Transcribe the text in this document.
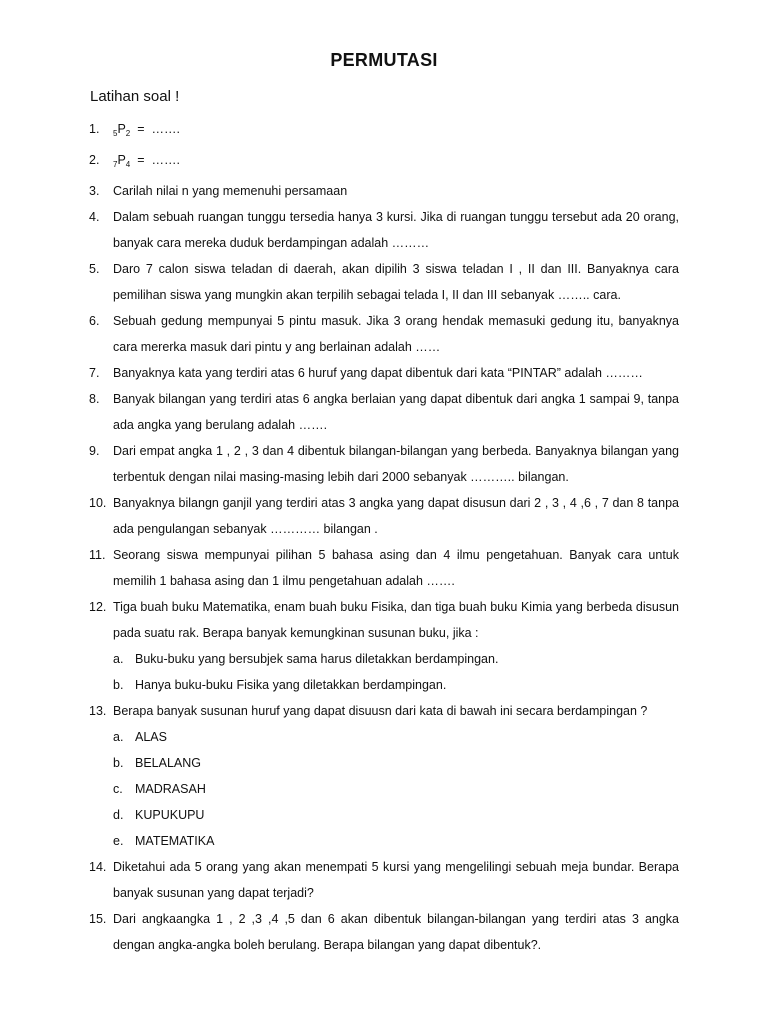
PERMUTASI
Latihan soal !
1.	$_5P_2$  =  …….
2.	$_7P_4$  =  …….
3.	Carilah nilai n yang memenuhi persamaan
4.	Dalam sebuah ruangan tunggu tersedia hanya 3 kursi. Jika di ruangan tunggu tersebut ada 20 orang, banyak cara mereka duduk berdampingan adalah ………
5.	Daro 7 calon siswa teladan di daerah, akan dipilih 3 siswa teladan I , II dan III. Banyaknya cara pemilihan siswa yang mungkin akan terpilih sebagai telada I, II dan III sebanyak …….. cara.
6.	Sebuah gedung mempunyai 5 pintu masuk. Jika 3 orang hendak memasuki gedung itu, banyaknya cara mererka masuk dari pintu y ang berlainan adalah ……
7.	Banyaknya kata yang terdiri atas 6 huruf yang dapat dibentuk dari kata “PINTAR” adalah ………
8.	Banyak bilangan yang terdiri atas 6 angka berlaian yang dapat dibentuk dari angka 1 sampai 9, tanpa ada angka yang berulang adalah …….
9.	Dari empat angka 1 , 2 , 3 dan 4 dibentuk bilangan-bilangan yang berbeda. Banyaknya bilangan yang terbentuk dengan nilai masing-masing lebih dari 2000 sebanyak ……….. bilangan.
10. Banyaknya bilangn ganjil yang terdiri atas 3 angka yang dapat disusun dari 2 , 3 , 4 ,6 , 7 dan 8 tanpa ada pengulangan sebanyak ………… bilangan .
11. Seorang siswa mempunyai pilihan 5 bahasa asing dan 4 ilmu pengetahuan. Banyak cara untuk memilih 1 bahasa asing dan 1 ilmu pengetahuan adalah …….
12. Tiga buah buku Matematika, enam buah buku Fisika, dan tiga buah buku Kimia yang berbeda disusun pada suatu rak. Berapa banyak kemungkinan susunan buku, jika :
a. Buku-buku yang bersubjek sama harus diletakkan berdampingan.
b. Hanya buku-buku Fisika yang diletakkan berdampingan.
13. Berapa banyak susunan huruf yang dapat disuusn dari kata di bawah ini secara berdampingan ?
a. ALAS
b. BELALANG
c. MADRASAH
d. KUPUKUPU
e. MATEMATIKA
14. Diketahui ada 5 orang yang akan menempati 5 kursi yang mengelilingi sebuah meja bundar. Berapa banyak susunan yang dapat terjadi?
15. Dari angkaangka 1 , 2 ,3 ,4 ,5 dan 6 akan dibentuk bilangan-bilangan yang terdiri atas 3 angka dengan angka-angka boleh berulang. Berapa bilangan yang dapat dibentuk?.
